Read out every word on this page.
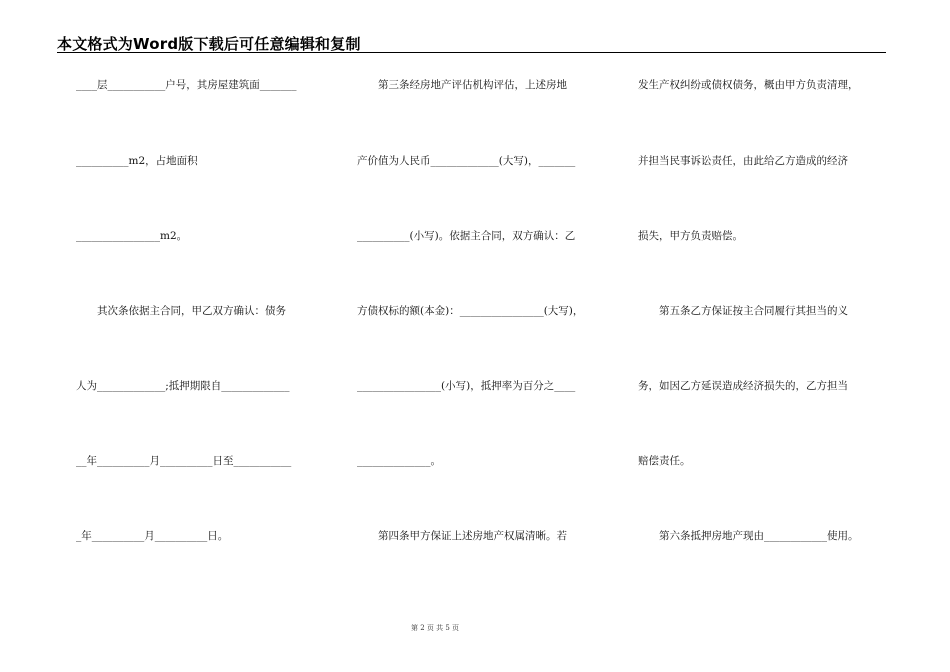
本文格式为Word版下载后可任意编辑和复制
____层___________户号，其房屋建筑面_______
__________m2，占地面积
________________m2。
　　其次条依据主合同，甲乙双方确认：债务
人为_____________;抵押期限自_____________
__年__________月__________日至___________
_年__________月__________日。
　　第三条经房地产评估机构评估，上述房地
产价值为人民币_____________(大写)，_______
__________(小写)。依据主合同，双方确认：乙
方债权标的额(本金)：________________(大写)，
________________(小写)，抵押率为百分之____
______________。
　　第四条甲方保证上述房地产权属清晰。若
发生产权纠纷或债权债务，概由甲方负责清理，
并担当民事诉讼责任，由此给乙方造成的经济
损失，甲方负责赔偿。
　　第五条乙方保证按主合同履行其担当的义
务，如因乙方延误造成经济损失的，乙方担当
赔偿责任。
　　第六条抵押房地产现由____________使用。
第 2 页 共 5 页
